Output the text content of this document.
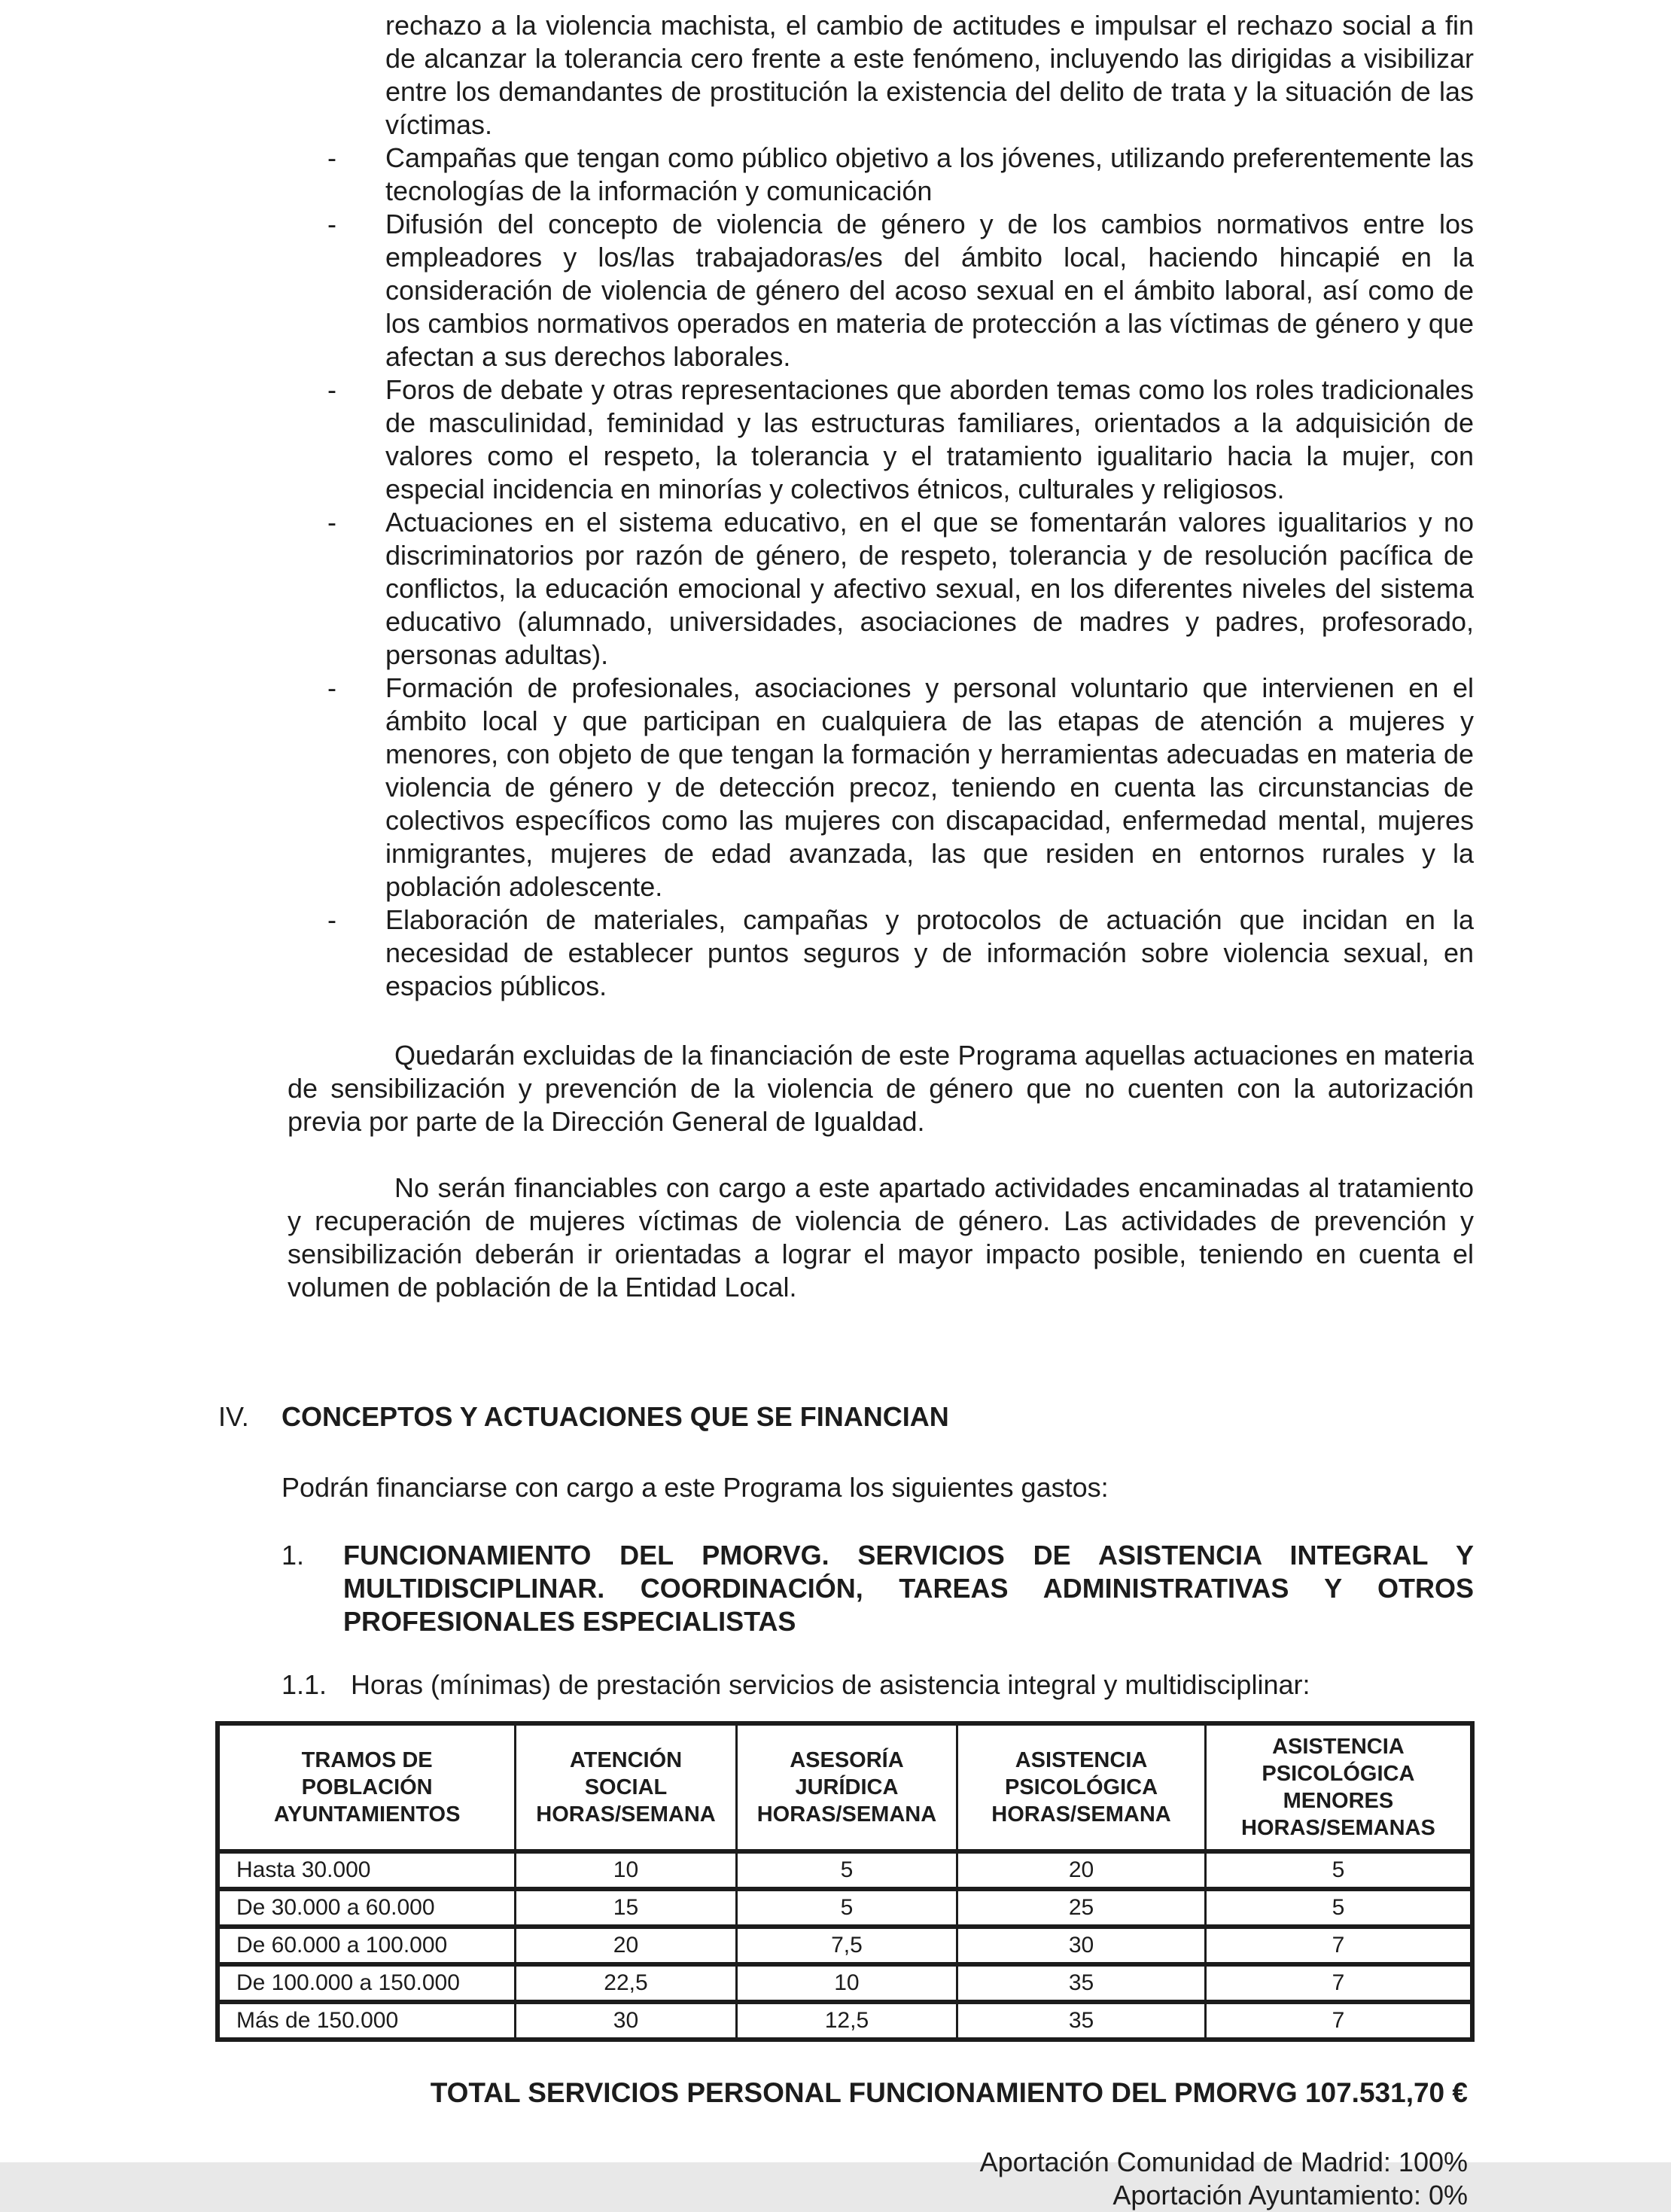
rechazo a la violencia machista, el cambio de actitudes e impulsar el rechazo social a fin de alcanzar la tolerancia cero frente a este fenómeno, incluyendo las dirigidas a visibilizar entre los demandantes de prostitución la existencia del delito de trata y la situación de las víctimas.

- Campañas que tengan como público objetivo a los jóvenes, utilizando preferentemente las tecnologías de la información y comunicación
- Difusión del concepto de violencia de género y de los cambios normativos entre los empleadores y los/las trabajadoras/es del ámbito local, haciendo hincapié en la consideración de violencia de género del acoso sexual en el ámbito laboral, así como de los cambios normativos operados en materia de protección a las víctimas de género y que afectan a sus derechos laborales.
- Foros de debate y otras representaciones que aborden temas como los roles tradicionales de masculinidad, feminidad y las estructuras familiares, orientados a la adquisición de valores como el respeto, la tolerancia y el tratamiento igualitario hacia la mujer, con especial incidencia en minorías y colectivos étnicos, culturales y religiosos.
- Actuaciones en el sistema educativo, en el que se fomentarán valores igualitarios y no discriminatorios por razón de género, de respeto, tolerancia y de resolución pacífica de conflictos, la educación emocional y afectivo sexual, en los diferentes niveles del sistema educativo (alumnado, universidades, asociaciones de madres y padres, profesorado, personas adultas).
- Formación de profesionales, asociaciones y personal voluntario que intervienen en el ámbito local y que participan en cualquiera de las etapas de atención a mujeres y menores, con objeto de que tengan la formación y herramientas adecuadas en materia de violencia de género y de detección precoz, teniendo en cuenta las circunstancias de colectivos específicos como las mujeres con discapacidad, enfermedad mental, mujeres inmigrantes, mujeres de edad avanzada, las que residen en entornos rurales y la población adolescente.
- Elaboración de materiales, campañas y protocolos de actuación que incidan en la necesidad de establecer puntos seguros y de información sobre violencia sexual, en espacios públicos.

Quedarán excluidas de la financiación de este Programa aquellas actuaciones en materia de sensibilización y prevención de la violencia de género que no cuenten con la autorización previa por parte de la Dirección General de Igualdad.

No serán financiables con cargo a este apartado actividades encaminadas al tratamiento y recuperación de mujeres víctimas de violencia de género. Las actividades de prevención y sensibilización deberán ir orientadas a lograr el mayor impacto posible, teniendo en cuenta el volumen de población de la Entidad Local.

IV.	CONCEPTOS Y ACTUACIONES QUE SE FINANCIAN

Podrán financiarse con cargo a este Programa los siguientes gastos:

1.	FUNCIONAMIENTO DEL PMORVG. SERVICIOS DE ASISTENCIA INTEGRAL Y MULTIDISCIPLINAR. COORDINACIÓN, TAREAS ADMINISTRATIVAS Y OTROS PROFESIONALES ESPECIALISTAS
1.1. Horas (mínimas) de prestación servicios de asistencia integral y multidisciplinar:
TRAMOS DE POBLACIÓN AYUNTAMIENTOS	ATENCIÓN SOCIAL HORAS/SEMANA	ASESORÍA JURÍDICA HORAS/SEMANA	ASISTENCIA PSICOLÓGICA HORAS/SEMANA	ASISTENCIA PSICOLÓGICA MENORES HORAS/SEMANAS
Hasta 30.000	10	5	20	5
De 30.000 a 60.000	15	5	25	5
De 60.000 a 100.000	20	7,5	30	7
De 100.000 a 150.000	22,5	10	35	7
Más de 150.000	30	12,5	35	7

TOTAL SERVICIOS PERSONAL FUNCIONAMIENTO DEL PMORVG 107.531,70 €

Aportación Comunidad de Madrid: 100%

Aportación Ayuntamiento: 0%
